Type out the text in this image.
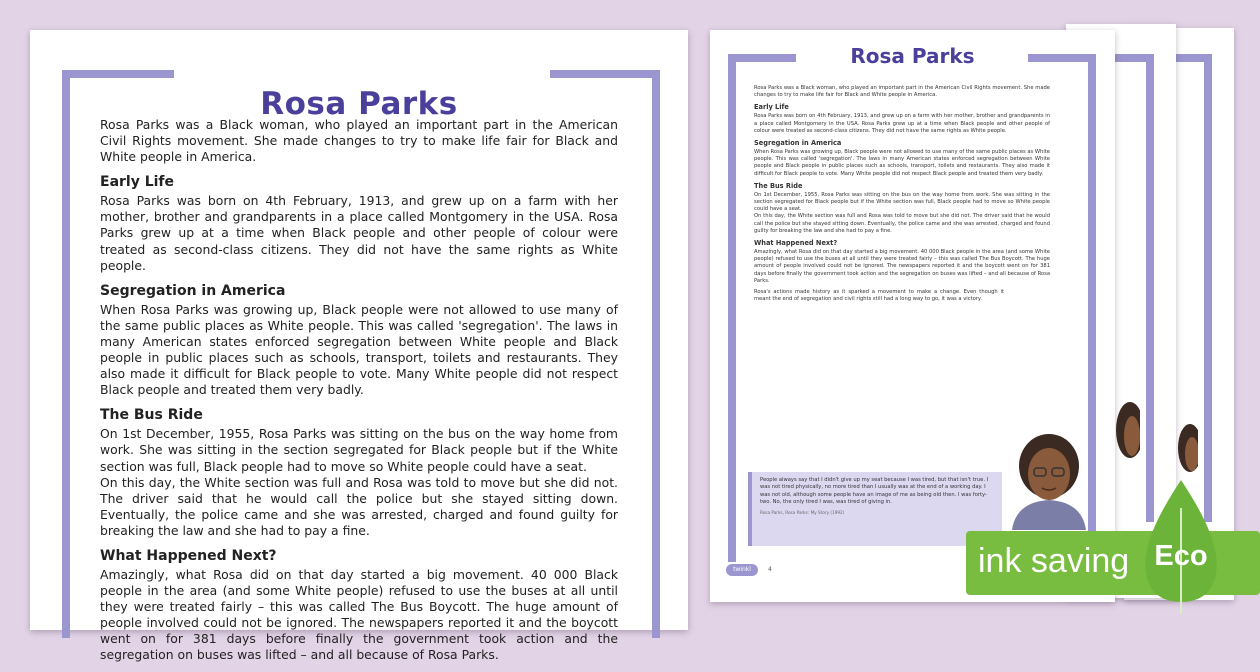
Rosa Parks

Rosa Parks was a Black woman, who played an important part in the American Civil Rights movement. She made changes to try to make life fair for Black and White people in America.

Early Life

Rosa Parks was born on 4th February, 1913, and grew up on a farm with her mother, brother and grandparents in a place called Montgomery in the USA. Rosa Parks grew up at a time when Black people and other people of colour were treated as second-class citizens. They did not have the same rights as White people.

Segregation in America

When Rosa Parks was growing up, Black people were not allowed to use many of the same public places as White people. This was called 'segregation'. The laws in many American states enforced segregation between White people and Black people in public places such as schools, transport, toilets and restaurants. They also made it difficult for Black people to vote. Many White people did not respect Black people and treated them very badly.

The Bus Ride

On 1st December, 1955, Rosa Parks was sitting on the bus on the way home from work. She was sitting in the section segregated for Black people but if the White section was full, Black people had to move so White people could have a seat.

On this day, the White section was full and Rosa was told to move but she did not. The driver said that he would call the police but she stayed sitting down. Eventually, the police came and she was arrested, charged and found guilty for breaking the law and she had to pay a fine.

What Happened Next?

Amazingly, what Rosa did on that day started a big movement. 40 000 Black people in the area (and some White people) refused to use the buses at all until they were treated fairly – this was called The Bus Boycott. The huge amount of people involved could not be ignored. The newspapers reported it and the boycott went on for 381 days before finally the government took action and the segregation on buses was lifted – and all because of Rosa Parks.

Rosa's actions made history as it sparked a movement to make a change. Even though it meant the end of segregation and civil rights still had a long way to go, it was a victory.

twinkl	4
People always say that I didn't give up my seat because I was tired, but that isn't true. I was not tired physically, no more tired than I usually was at the end of a working day. I was not old, although some people have an image of me as being old then. I was forty-two. No, the only tired I was, was tired of giving in.
Rosa Parks, Rosa Parks: My Story (1992)
Rosa Parks

Rosa Parks was a Black woman, who played an important part in the American Civil Rights movement. She made changes to try to make life fair for Black and White people in America.

Early Life

Rosa Parks was born on 4th February, 1913, and grew up on a farm with her mother, brother and grandparents in a place called Montgomery in the USA. Rosa Parks grew up at a time when Black people and other people of colour were treated as second-class citizens. They did not have the same rights as White people.

Segregation in America

When Rosa Parks was growing up, Black people were not allowed to use many of the same public places as White people. This was called 'segregation'. The laws in many American states enforced segregation between White people and Black people in public places such as schools, transport, toilets and restaurants. They also made it difficult for Black people to vote. Many White people did not respect Black people and treated them very badly.

The Bus Ride

On 1st December, 1955, Rosa Parks was sitting on the bus on the way home from work. She was sitting in the section segregated for Black people but if the White section was full, Black people had to move so White people could have a seat.

On this day, the White section was full and Rosa was told to move but she did not. The driver said that he would call the police but she stayed sitting down. Eventually, the police came and she was arrested, charged and found guilty for breaking the law and she had to pay a fine.

What Happened Next?

Amazingly, what Rosa did on that day started a big movement. 40 000 Black people in the area (and some White people) refused to use the buses at all until they were treated fairly – this was called The Bus Boycott. The huge amount of people involved could not be ignored. The newspapers reported it and the boycott went on for 381 days before finally the government took action and the segregation on buses was lifted – and all because of Rosa Parks.

ink saving Eco
